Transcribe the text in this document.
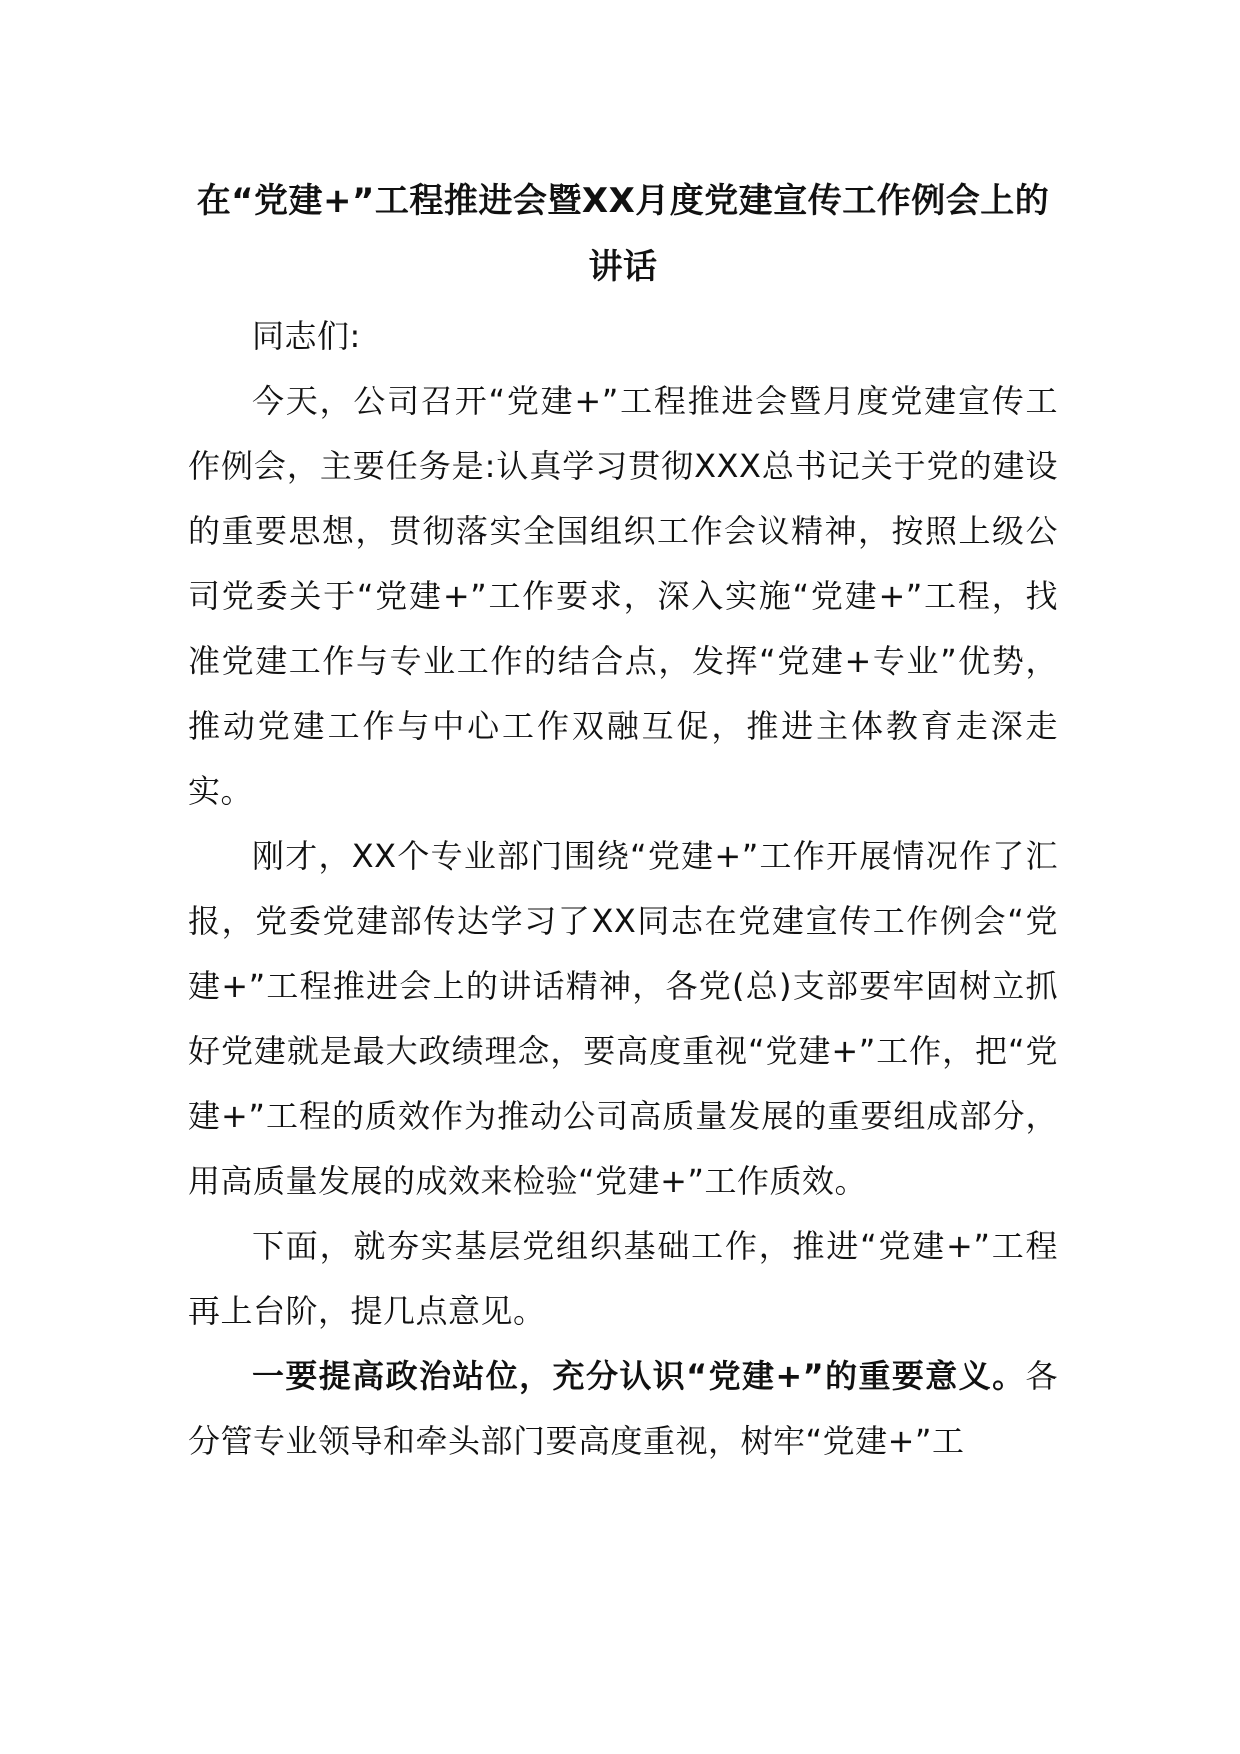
在“党建+”工程推进会暨XX月度党建宣传工作例会上的
讲话

同志们:

今天，公司召开“党建+”工程推进会暨月度党建宣传工作例会，主要任务是:认真学习贯彻XXX总书记关于党的建设的重要思想，贯彻落实全国组织工作会议精神，按照上级公司党委关于“党建+”工作要求，深入实施“党建+”工程，找准党建工作与专业工作的结合点，发挥“党建+专业”优势，推动党建工作与中心工作双融互促，推进主体教育走深走实。

刚才，XX个专业部门围绕“党建+”工作开展情况作了汇报，党委党建部传达学习了XX同志在党建宣传工作例会“党建+”工程推进会上的讲话精神，各党(总)支部要牢固树立抓好党建就是最大政绩理念，要高度重视“党建+”工作，把“党建+”工程的质效作为推动公司高质量发展的重要组成部分，用高质量发展的成效来检验“党建+”工作质效。

下面，就夯实基层党组织基础工作，推进“党建+”工程再上台阶，提几点意见。

一要提高政治站位，充分认识“党建+”的重要意义。各分管专业领导和牵头部门要高度重视，树牢“党建+”工
